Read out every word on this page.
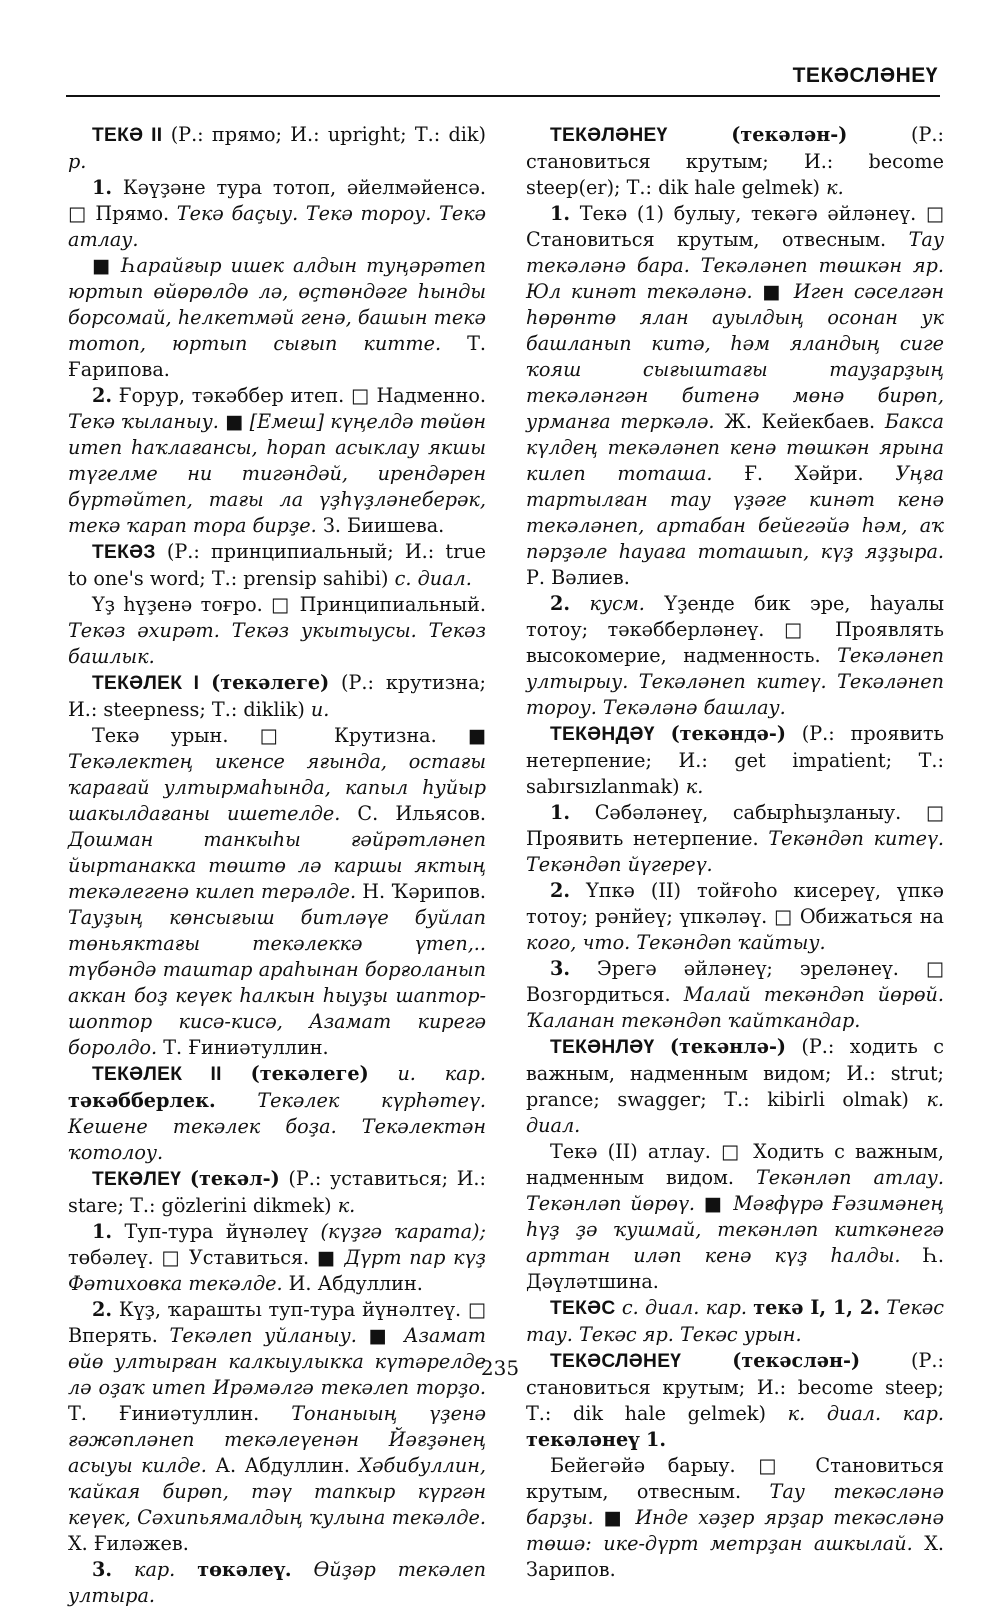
ТЕКӘСЛӘНЕҮ

ТЕКӘ II (Р.: прямо; И.: upright; Т.: dik) р.

1. Кәүҙәне тура тотоп, әйелмәйенсә. □ Прямо. Текә баҫыу. Текә тороу. Текә атлау.

■ Һарайғыр ишек алдын туңәрәтеп юртып өйөрөлдө лә, өҫтөндәге һынды борсомай, һелкетмәй генә, башын текә тотоп, юртып сығып китте. Т. Ғарипова.

2. Ғорур, тәкәббер итеп. □ Надменно. Текә ҡыланыу. ■ [Емеш] күңелдә төйөн итеп һаҡлағансы, һорап асыклау якшы түгелме ни тигәндәй, ирендәрен бүртәйтеп, тағы ла үҙһүҙләнеберәк, текә ҡарап тора бирҙе. З. Биишева.

ТЕКӘЗ (Р.: принципиальный; И.: true to one's word; Т.: prensip sahibi) с. диал.

Үҙ һүҙенә тоғро. □ Принципиальный. Текәз әхирәт. Текәз укытыусы. Текәз башлык.

ТЕКӘЛЕК I (текәлеге) (Р.: крутизна; И.: steepness; Т.: diklik) и.

Текә урын. □ Крутизна. ■ Текәлектең икенсе яғында, остағы ҡарағай ултырмаһында, капыл һуйыр шакылдағаны ишетелде. С. Ильясов. Дошман танкыһы ғәйрәтләнеп йыртанакка төштө лә каршы яктың текәлегенә килеп терәлде. Н. Ҡәрипов. Тауҙың көнсығыш битләүе буйлап төньяктағы текәлеккә үтеп,.. түбәндә таштар араһынан борғоланып аккан боҙ кеүек һалкын һыуҙы шаптор-шоптор кисә-кисә, Азамат кирегә боролдо. Т. Ғиниәтуллин.

ТЕКӘЛЕК II (текәлеге) и. кар. тәкәбберлек. Текәлек күрһәтеү. Кешене текәлек боҙа. Текәлектән ҡотолоу.

ТЕКӘЛЕҮ (текәл-) (Р.: уставиться; И.: stare; Т.: gözlerini dikmek) к.

1. Туп-тура йүнәлеү (күҙгә ҡарата); төбәлеү. □ Уставиться. ■ Дүрт пар күҙ Фәтиховка текәлде. И. Абдуллин.

2. Күҙ, ҡараштьı туп-тура йүнәлтеү. □ Вперять. Текәлеп уйланыу. ■ Азамат өйө ултырған калкыулыкка күтәрелде лә оҙаҡ итеп Ирәмәлгә текәлеп торҙо. Т. Ғиниәтуллин. Тонаныың үҙенә ғәжәпләнеп текәлеүенән Йәғҙәнең асыуы килде. А. Абдуллин. Хәбибуллин, ҡайкая бирөп, тәү тапкыр күргән кеүек, Сәхипьямалдың ҡулына текәлде. Х. Ғиләжев.

3. кар. төкәлеү. Өйҙәр текәлеп ултыра.

ТЕКӘЛӘНЕҮ	(текәлән-) (Р.: становиться крутым; И.: become steep(er); Т.: dik hale gelmek) к.

1. Текә (1) булыу, текәгә әйләнеү. □ Становиться крутым, отвесным. Тау текәләнә бара. Текәләнеп төшкән яр. Юл кинәт текәләнә. ■ Иген сәселгән һөрөнтө ялан ауылдың осонан ук башланып китә, һәм яландың сиге ҡояш сығыштағы тауҙарҙың текәләнгән битенә мөнә бирөп, урманға теркәлә. Ж. Кейекбаев. Бакса күлдең текәләнеп кенә төшкән ярына килеп тоташа. Ғ. Хәйри. Уңға тартылған тау үҙәге кинәт кенә текәләнеп, артабан бейегәйә һәм, аҡ пәрҙәле һауаға тоташып, күҙ яҙҙыра. Р. Вәлиев.

2. кусм. Үҙенде бик эре, һауалы тотоу; тәкәбберләнеү. □ Проявлять высокомерие, надменность. Текәләнеп ултырыу. Текәләнеп китеү. Текәләнеп тороу. Текәләнә башлау.

ТЕКӘНДӘҮ (текәндә-) (Р.: проявить нетерпение; И.: get impatient; Т.: sabırsızlanmak) к.

1. Сәбәләнеү, сабырһыҙланыу. □ Проявить нетерпение. Текәндәп китеү. Текәндәп йүгереү.

2. Үпкә (II) тойғоһо кисереү, үпкә тотоу; рәнйеү; үпкәләү. □ Обижаться на кого, что. Текәндәп ҡайтыу.

3. Эрегә әйләнеү; эреләнеү. □ Возгордиться. Малай текәндәп йөрөй. Ҡаланан текәндәп ҡайткандар.

ТЕКӘНЛӘҮ (текәнлә-) (Р.: ходить с важным, надменным видом; И.: strut; prance; swagger; Т.: kibirli olmak) к. диал.

Текә (II) атлау. □ Ходить с важным, надменным видом. Текәнләп атлау. Текәнләп йөрөү. ■ Мәғфүрә Ғәзимәнең һүҙ ҙә ҡушмай, текәнләп киткәнегә арттан иләп кенә күҙ һалды. Һ. Дәүләтшина.

ТЕКӘС с. диал. кар. текә I, 1, 2. Текәс тау. Текәс яр. Текәс урын.

ТЕКӘСЛӘНЕҮ	(текәслән-) (Р.: становиться крутым; И.: become steep; Т.: dik hale gelmek) к. диал. кар. текәләнеү 1.

Бейегәйә барыу. □ Становиться крутым, отвесным. Тау текәсләнә барҙы. ■ Инде хәҙер ярҙар текәсләнә төшә: ике-дүрт метрҙан ашкылай. Х. Зарипов.

235
